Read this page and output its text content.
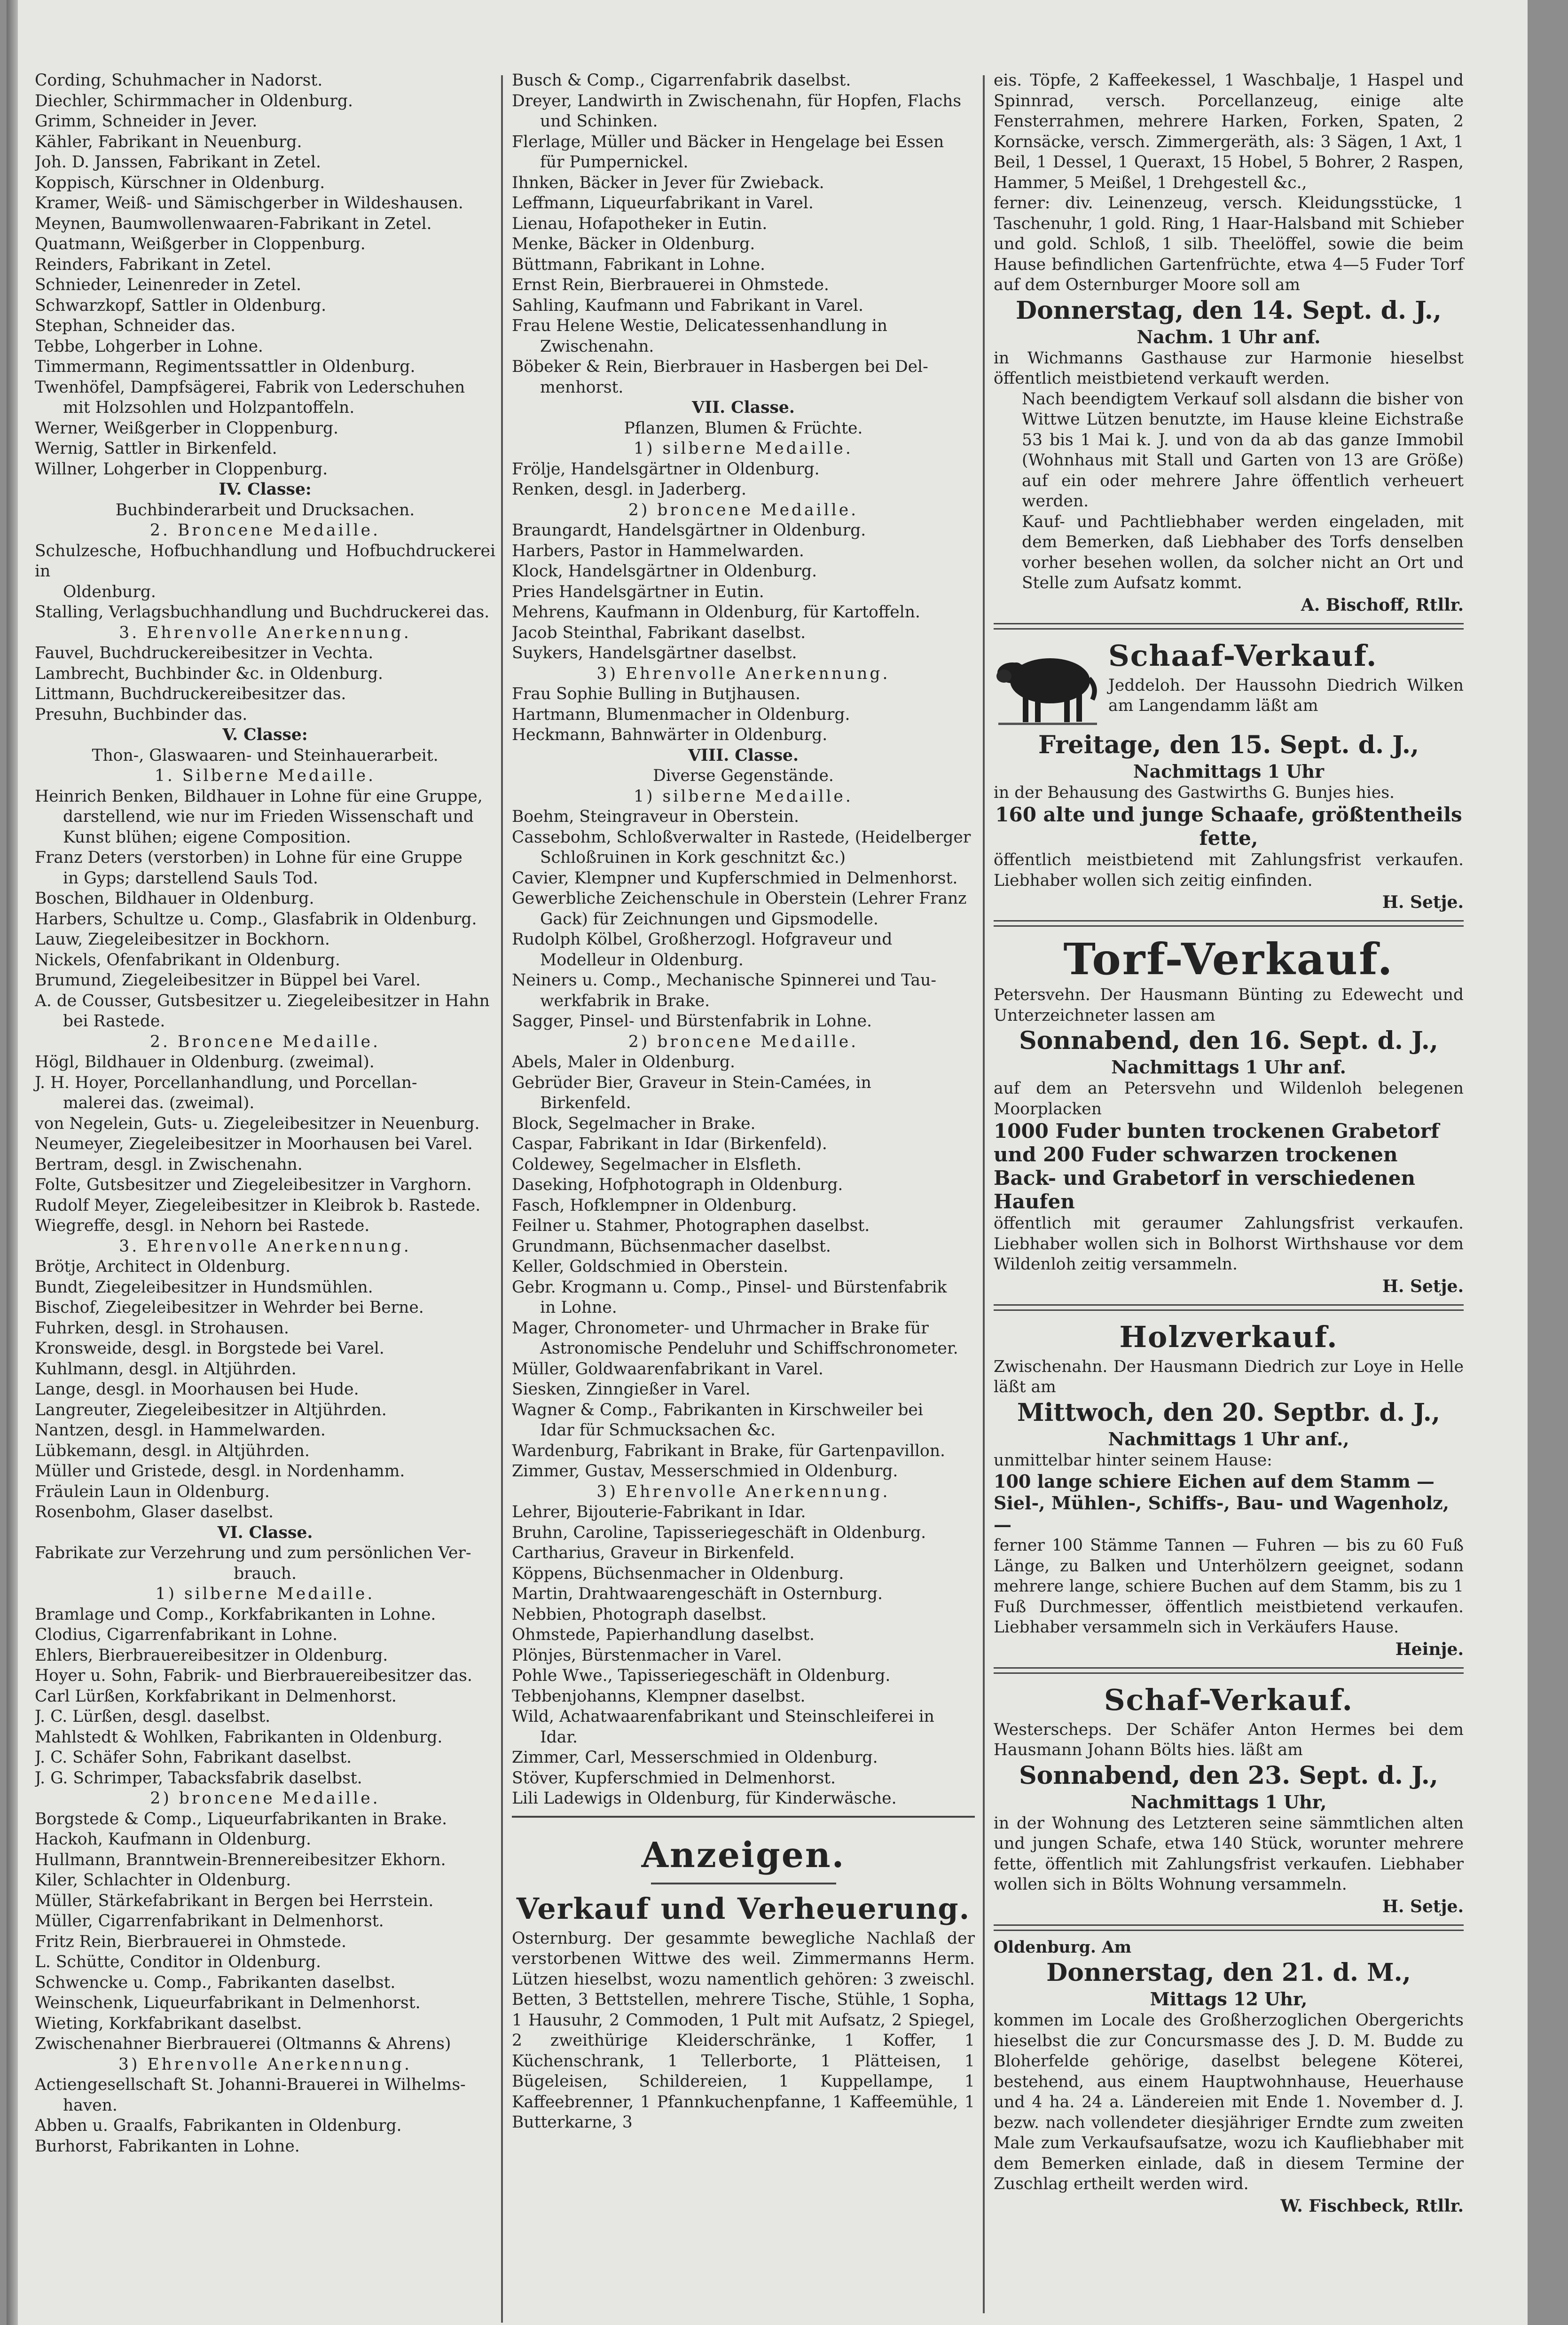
Cording, Schuhmacher in Nadorst.
Diechler, Schirmmacher in Oldenburg.
Grimm, Schneider in Jever.
Kähler, Fabrikant in Neuenburg.
Joh. D. Janssen, Fabrikant in Zetel.
Koppisch, Kürschner in Oldenburg.
Kramer, Weiß- und Sämischgerber in Wildeshausen.
Meynen, Baumwollenwaaren-Fabrikant in Zetel.
Quatmann, Weißgerber in Cloppenburg.
Reinders, Fabrikant in Zetel.
Schnieder, Leinenreder in Zetel.
Schwarzkopf, Sattler in Oldenburg.
Stephan, Schneider das.
Tebbe, Lohgerber in Lohne.
Timmermann, Regimentssattler in Oldenburg.
Twenhöfel, Dampfsägerei, Fabrik von Lederschuhen
mit Holzsohlen und Holzpantoffeln.
Werner, Weißgerber in Cloppenburg.
Wernig, Sattler in Birkenfeld.
Willner, Lohgerber in Cloppenburg.
IV. Classe:
Buchbinderarbeit und Drucksachen.
2. Broncene Medaille.
Schulzesche, Hofbuchhandlung und Hofbuchdruckerei in
Oldenburg.
Stalling, Verlagsbuchhandlung und Buchdruckerei das.
3. Ehrenvolle Anerkennung.
Fauvel, Buchdruckereibesitzer in Vechta.
Lambrecht, Buchbinder &c. in Oldenburg.
Littmann, Buchdruckereibesitzer das.
Presuhn, Buchbinder das.
V. Classe:
Thon-, Glaswaaren- und Steinhauerarbeit.
1. Silberne Medaille.
Heinrich Benken, Bildhauer in Lohne für eine Gruppe,
darstellend, wie nur im Frieden Wissenschaft und
Kunst blühen; eigene Composition.
Franz Deters (verstorben) in Lohne für eine Gruppe
in Gyps; darstellend Sauls Tod.
Boschen, Bildhauer in Oldenburg.
Harbers, Schultze u. Comp., Glasfabrik in Oldenburg.
Lauw, Ziegeleibesitzer in Bockhorn.
Nickels, Ofenfabrikant in Oldenburg.
Brumund, Ziegeleibesitzer in Büppel bei Varel.
A. de Cousser, Gutsbesitzer u. Ziegeleibesitzer in Hahn
bei Rastede.
2. Broncene Medaille.
Högl, Bildhauer in Oldenburg. (zweimal).
J. H. Hoyer, Porcellanhandlung, und Porcellan-
malerei das. (zweimal).
von Negelein, Guts- u. Ziegeleibesitzer in Neuenburg.
Neumeyer, Ziegeleibesitzer in Moorhausen bei Varel.
Bertram, desgl. in Zwischenahn.
Folte, Gutsbesitzer und Ziegeleibesitzer in Varghorn.
Rudolf Meyer, Ziegeleibesitzer in Kleibrok b. Rastede.
Wiegreffe, desgl. in Nehorn bei Rastede.
3. Ehrenvolle Anerkennung.
Brötje, Architect in Oldenburg.
Bundt, Ziegeleibesitzer in Hundsmühlen.
Bischof, Ziegeleibesitzer in Wehrder bei Berne.
Fuhrken, desgl. in Strohausen.
Kronsweide, desgl. in Borgstede bei Varel.
Kuhlmann, desgl. in Altjührden.
Lange, desgl. in Moorhausen bei Hude.
Langreuter, Ziegeleibesitzer in Altjührden.
Nantzen, desgl. in Hammelwarden.
Lübkemann, desgl. in Altjührden.
Müller und Gristede, desgl. in Nordenhamm.
Fräulein Laun in Oldenburg.
Rosenbohm, Glaser daselbst.
VI. Classe.
Fabrikate zur Verzehrung und zum persönlichen Ver-
brauch.
1) silberne Medaille.
Bramlage und Comp., Korkfabrikanten in Lohne.
Clodius, Cigarrenfabrikant in Lohne.
Ehlers, Bierbrauereibesitzer in Oldenburg.
Hoyer u. Sohn, Fabrik- und Bierbrauereibesitzer das.
Carl Lürßen, Korkfabrikant in Delmenhorst.
J. C. Lürßen, desgl. daselbst.
Mahlstedt & Wohlken, Fabrikanten in Oldenburg.
J. C. Schäfer Sohn, Fabrikant daselbst.
J. G. Schrimper, Tabacksfabrik daselbst.
2) broncene Medaille.
Borgstede & Comp., Liqueurfabrikanten in Brake.
Hackoh, Kaufmann in Oldenburg.
Hullmann, Branntwein-Brennereibesitzer Ekhorn.
Kiler, Schlachter in Oldenburg.
Müller, Stärkefabrikant in Bergen bei Herrstein.
Müller, Cigarrenfabrikant in Delmenhorst.
Fritz Rein, Bierbrauerei in Ohmstede.
L. Schütte, Conditor in Oldenburg.
Schwencke u. Comp., Fabrikanten daselbst.
Weinschenk, Liqueurfabrikant in Delmenhorst.
Wieting, Korkfabrikant daselbst.
Zwischenahner Bierbrauerei (Oltmanns & Ahrens)
3) Ehrenvolle Anerkennung.
Actiengesellschaft St. Johanni-Brauerei in Wilhelms-
haven.
Abben u. Graalfs, Fabrikanten in Oldenburg.
Burhorst, Fabrikanten in Lohne.
Busch & Comp., Cigarrenfabrik daselbst.
Dreyer, Landwirth in Zwischenahn, für Hopfen, Flachs
und Schinken.
Flerlage, Müller und Bäcker in Hengelage bei Essen
für Pumpernickel.
Ihnken, Bäcker in Jever für Zwieback.
Leffmann, Liqueurfabrikant in Varel.
Lienau, Hofapotheker in Eutin.
Menke, Bäcker in Oldenburg.
Büttmann, Fabrikant in Lohne.
Ernst Rein, Bierbrauerei in Ohmstede.
Sahling, Kaufmann und Fabrikant in Varel.
Frau Helene Westie, Delicatessenhandlung in
Zwischenahn.
Böbeker & Rein, Bierbrauer in Hasbergen bei Del-
menhorst.
VII. Classe.
Pflanzen, Blumen & Früchte.
1) silberne Medaille.
Frölje, Handelsgärtner in Oldenburg.
Renken, desgl. in Jaderberg.
2) broncene Medaille.
Braungardt, Handelsgärtner in Oldenburg.
Harbers, Pastor in Hammelwarden.
Klock, Handelsgärtner in Oldenburg.
Pries Handelsgärtner in Eutin.
Mehrens, Kaufmann in Oldenburg, für Kartoffeln.
Jacob Steinthal, Fabrikant daselbst.
Suykers, Handelsgärtner daselbst.
3) Ehrenvolle Anerkennung.
Frau Sophie Bulling in Butjhausen.
Hartmann, Blumenmacher in Oldenburg.
Heckmann, Bahnwärter in Oldenburg.
VIII. Classe.
Diverse Gegenstände.
1) silberne Medaille.
Boehm, Steingraveur in Oberstein.
Cassebohm, Schloßverwalter in Rastede, (Heidelberger
Schloßruinen in Kork geschnitzt &c.)
Cavier, Klempner und Kupferschmied in Delmenhorst.
Gewerbliche Zeichenschule in Oberstein (Lehrer Franz
Gack) für Zeichnungen und Gipsmodelle.
Rudolph Kölbel, Großherzogl. Hofgraveur und
Modelleur in Oldenburg.
Neiners u. Comp., Mechanische Spinnerei und Tau-
werkfabrik in Brake.
Sagger, Pinsel- und Bürstenfabrik in Lohne.
2) broncene Medaille.
Abels, Maler in Oldenburg.
Gebrüder Bier, Graveur in Stein-Camées, in
Birkenfeld.
Block, Segelmacher in Brake.
Caspar, Fabrikant in Idar (Birkenfeld).
Coldewey, Segelmacher in Elsfleth.
Daseking, Hofphotograph in Oldenburg.
Fasch, Hofklempner in Oldenburg.
Feilner u. Stahmer, Photographen daselbst.
Grundmann, Büchsenmacher daselbst.
Keller, Goldschmied in Oberstein.
Gebr. Krogmann u. Comp., Pinsel- und Bürstenfabrik
in Lohne.
Mager, Chronometer- und Uhrmacher in Brake für
Astronomische Pendeluhr und Schiffschronometer.
Müller, Goldwaarenfabrikant in Varel.
Siesken, Zinngießer in Varel.
Wagner & Comp., Fabrikanten in Kirschweiler bei
Idar für Schmucksachen &c.
Wardenburg, Fabrikant in Brake, für Gartenpavillon.
Zimmer, Gustav, Messerschmied in Oldenburg.
3) Ehrenvolle Anerkennung.
Lehrer, Bijouterie-Fabrikant in Idar.
Bruhn, Caroline, Tapisseriegeschäft in Oldenburg.
Cartharius, Graveur in Birkenfeld.
Köppens, Büchsenmacher in Oldenburg.
Martin, Drahtwaarengeschäft in Osternburg.
Nebbien, Photograph daselbst.
Ohmstede, Papierhandlung daselbst.
Plönjes, Bürstenmacher in Varel.
Pohle Wwe., Tapisseriegeschäft in Oldenburg.
Tebbenjohanns, Klempner daselbst.
Wild, Achatwaarenfabrikant und Steinschleiferei in
Idar.
Zimmer, Carl, Messerschmied in Oldenburg.
Stöver, Kupferschmied in Delmenhorst.
Lili Ladewigs in Oldenburg, für Kinderwäsche.
Anzeigen.
Verkauf und Verheuerung.
Osternburg. Der gesammte bewegliche Nachlaß der verstorbenen Wittwe des weil. Zimmermanns Herm. Lützen hieselbst, wozu namentlich gehören: 3 zweischl. Betten, 3 Bettstellen, mehrere Tische, Stühle, 1 Sopha, 1 Hausuhr, 2 Commoden, 1 Pult mit Aufsatz, 2 Spiegel, 2 zweithürige Kleiderschränke, 1 Koffer, 1 Küchenschrank, 1 Tellerborte, 1 Plätteisen, 1 Bügeleisen, Schildereien, 1 Kuppellampe, 1 Kaffeebrenner, 1 Pfannkuchenpfanne, 1 Kaffeemühle, 1 Butterkarne, 3
eis. Töpfe, 2 Kaffeekessel, 1 Waschbalje, 1 Haspel und Spinnrad, versch. Porcellanzeug, einige alte Fensterrahmen, mehrere Harken, Forken, Spaten, 2 Kornsäcke, versch. Zimmergeräth, als: 3 Sägen, 1 Axt, 1 Beil, 1 Dessel, 1 Queraxt, 15 Hobel, 5 Bohrer, 2 Raspen, Hammer, 5 Meißel, 1 Drehgestell &c.,
ferner: div. Leinenzeug, versch. Kleidungsstücke, 1 Taschenuhr, 1 gold. Ring, 1 Haar-Halsband mit Schieber und gold. Schloß, 1 silb. Theelöffel, sowie die beim Hause befindlichen Gartenfrüchte, etwa 4—5 Fuder Torf auf dem Osternburger Moore soll am
Donnerstag, den 14. Sept. d. J.,
Nachm. 1 Uhr anf.
in Wichmanns Gasthause zur Harmonie hieselbst öffentlich meistbietend verkauft werden.
Nach beendigtem Verkauf soll alsdann die bisher von Wittwe Lützen benutzte, im Hause kleine Eichstraße 53 bis 1 Mai k. J. und von da ab das ganze Immobil (Wohnhaus mit Stall und Garten von 13 are Größe) auf ein oder mehrere Jahre öffentlich verheuert werden.
Kauf- und Pachtliebhaber werden eingeladen, mit dem Bemerken, daß Liebhaber des Torfs denselben vorher besehen wollen, da solcher nicht an Ort und Stelle zum Aufsatz kommt.
A. Bischoff, Rtllr.
Schaaf-Verkauf.
Jeddeloh. Der Haussohn Diedrich Wilken am Langendamm läßt am
Freitage, den 15. Sept. d. J.,
Nachmittags 1 Uhr
in der Behausung des Gastwirths G. Bunjes hies.
160 alte und junge Schaafe, größtentheils fette,
öffentlich meistbietend mit Zahlungsfrist verkaufen. Liebhaber wollen sich zeitig einfinden.
H. Setje.
Torf-Verkauf.
Petersvehn. Der Hausmann Bünting zu Edewecht und Unterzeichneter lassen am
Sonnabend, den 16. Sept. d. J.,
Nachmittags 1 Uhr anf.
auf dem an Petersvehn und Wildenloh belegenen Moorplacken
1000 Fuder bunten trockenen Grabetorf und 200 Fuder schwarzen trockenen Back- und Grabetorf in verschiedenen Haufen
öffentlich mit geraumer Zahlungsfrist verkaufen. Liebhaber wollen sich in Bolhorst Wirthshause vor dem Wildenloh zeitig versammeln.
H. Setje.
Holzverkauf.
Zwischenahn. Der Hausmann Diedrich zur Loye in Helle läßt am
Mittwoch, den 20. Septbr. d. J.,
Nachmittags 1 Uhr anf.,
unmittelbar hinter seinem Hause:
100 lange schiere Eichen auf dem Stamm — Siel-, Mühlen-, Schiffs-, Bau- und Wagenholz, —
ferner 100 Stämme Tannen — Fuhren — bis zu 60 Fuß Länge, zu Balken und Unterhölzern geeignet, sodann mehrere lange, schiere Buchen auf dem Stamm, bis zu 1 Fuß Durchmesser, öffentlich meistbietend verkaufen. Liebhaber versammeln sich in Verkäufers Hause.
Heinje.
Schaf-Verkauf.
Westerscheps. Der Schäfer Anton Hermes bei dem Hausmann Johann Bölts hies. läßt am
Sonnabend, den 23. Sept. d. J.,
Nachmittags 1 Uhr,
in der Wohnung des Letzteren seine sämmtlichen alten und jungen Schafe, etwa 140 Stück, worunter mehrere fette, öffentlich mit Zahlungsfrist verkaufen. Liebhaber wollen sich in Bölts Wohnung versammeln.
H. Setje.
Oldenburg. Am
Donnerstag, den 21. d. M.,
Mittags 12 Uhr,
kommen im Locale des Großherzoglichen Obergerichts hieselbst die zur Concursmasse des J. D. M. Budde zu Bloherfelde gehörige, daselbst belegene Köterei, bestehend, aus einem Hauptwohnhause, Heuerhause und 4 ha. 24 a. Ländereien mit Ende 1. November d. J. bezw. nach vollendeter diesjähriger Erndte zum zweiten Male zum Verkaufsaufsatze, wozu ich Kaufliebhaber mit dem Bemerken einlade, daß in diesem Termine der Zuschlag ertheilt werden wird.
W. Fischbeck, Rtllr.
